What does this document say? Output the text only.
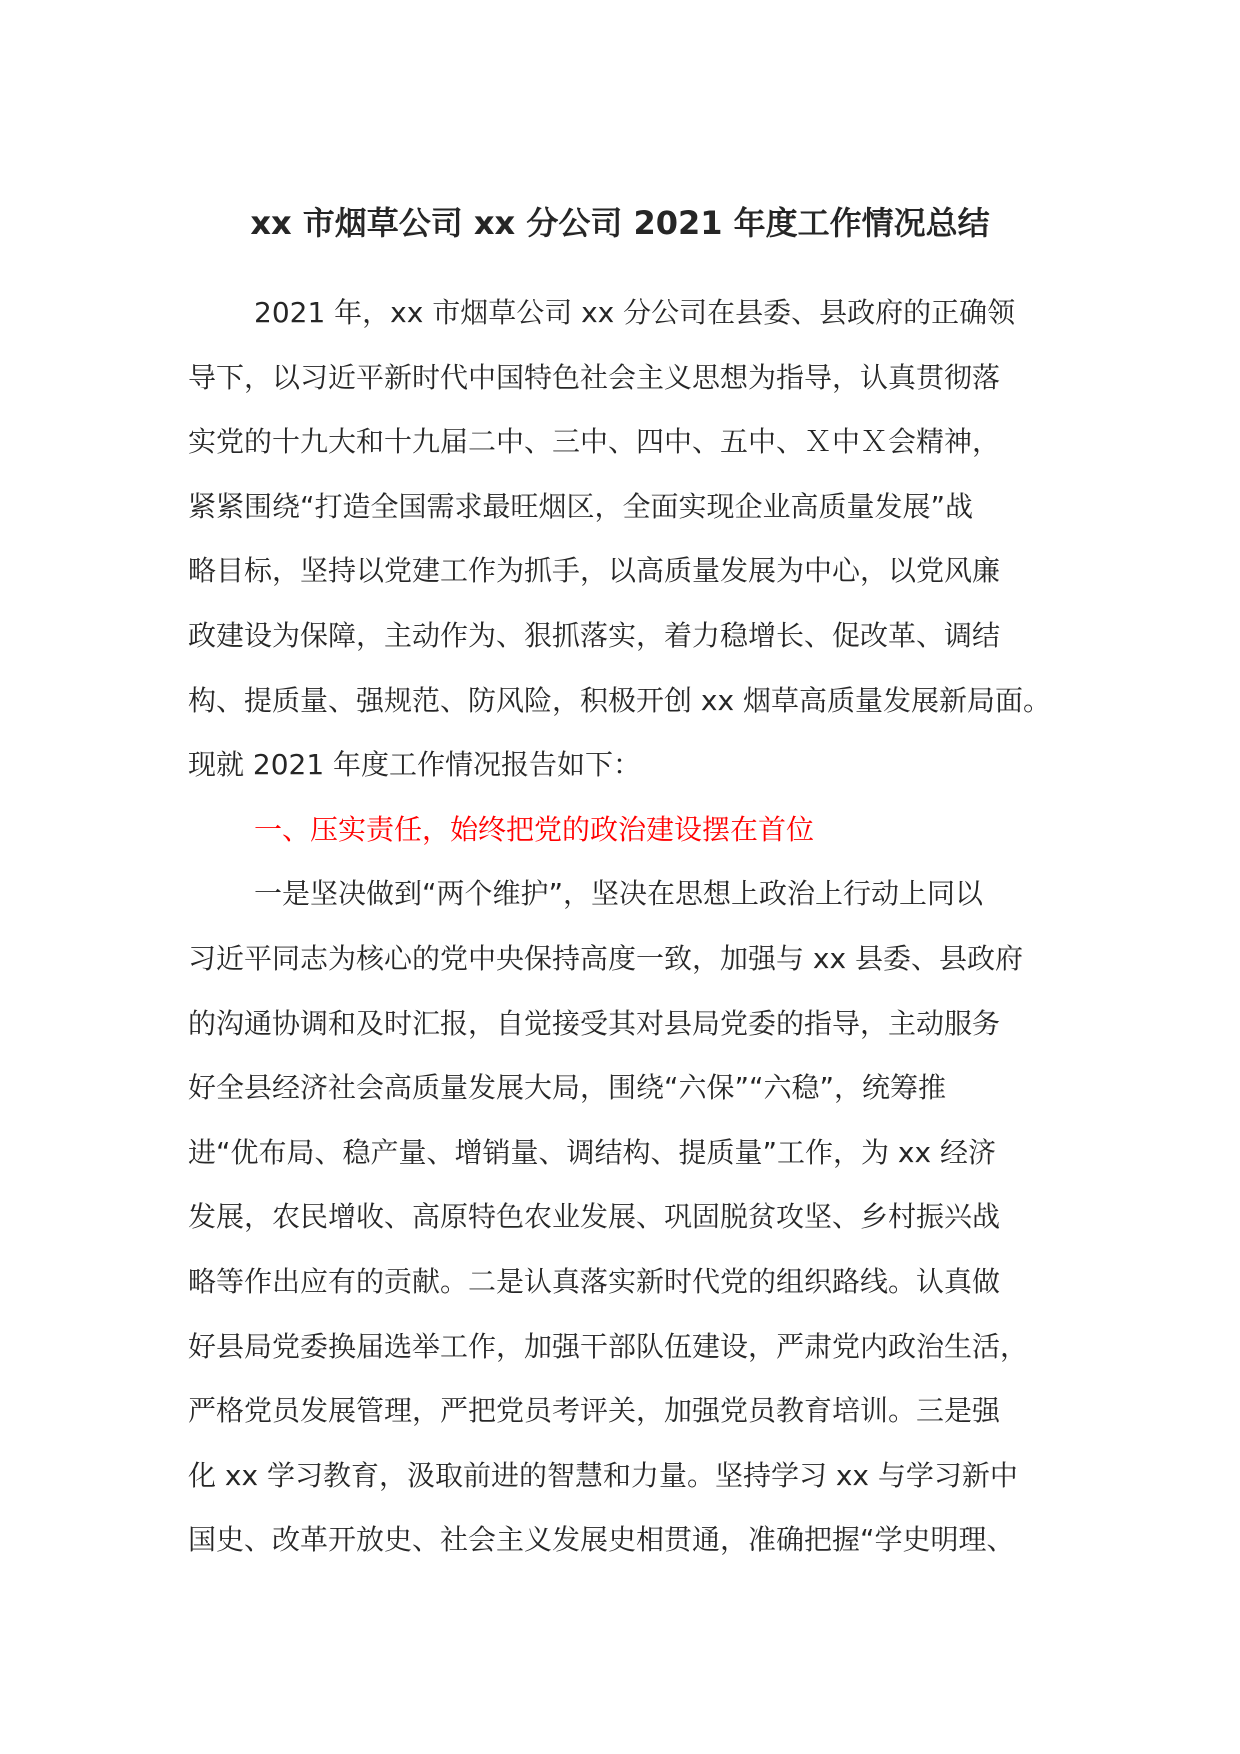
xx 市烟草公司 xx 分公司 2021 年度工作情况总结

2021 年，xx 市烟草公司 xx 分公司在县委、县政府的正确领

导下，以习近平新时代中国特色社会主义思想为指导，认真贯彻落

实党的十九大和十九届二中、三中、四中、五中、Ｘ中Ｘ会精神，

紧紧围绕“打造全国需求最旺烟区，全面实现企业高质量发展”战

略目标，坚持以党建工作为抓手，以高质量发展为中心，以党风廉

政建设为保障，主动作为、狠抓落实，着力稳增长、促改革、调结

构、提质量、强规范、防风险，积极开创 xx 烟草高质量发展新局面。

现就 2021 年度工作情况报告如下：

一、压实责任，始终把党的政治建设摆在首位

一是坚决做到“两个维护”，坚决在思想上政治上行动上同以

习近平同志为核心的党中央保持高度一致，加强与 xx 县委、县政府

的沟通协调和及时汇报，自觉接受其对县局党委的指导，主动服务

好全县经济社会高质量发展大局，围绕“六保”“六稳”，统筹推

进“优布局、稳产量、增销量、调结构、提质量”工作，为 xx 经济

发展，农民增收、高原特色农业发展、巩固脱贫攻坚、乡村振兴战

略等作出应有的贡献。二是认真落实新时代党的组织路线。认真做

好县局党委换届选举工作，加强干部队伍建设，严肃党内政治生活，

严格党员发展管理，严把党员考评关，加强党员教育培训。三是强

化 xx 学习教育，汲取前进的智慧和力量。坚持学习 xx 与学习新中

国史、改革开放史、社会主义发展史相贯通，准确把握“学史明理、
